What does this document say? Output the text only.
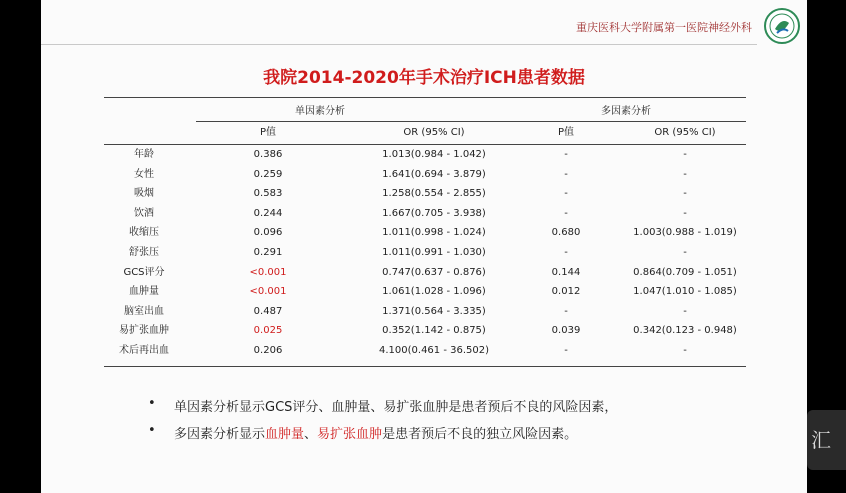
重庆医科大学附属第一医院神经外科
我院2014-2020年手术治疗ICH患者数据
单因素分析	多因素分析
P值	OR (95% CI)	P值	OR (95% CI)
年龄	0.386	1.013(0.984 - 1.042)	-	-
女性	0.259	1.641(0.694 - 3.879)	-	-
吸烟	0.583	1.258(0.554 - 2.855)	-	-
饮酒	0.244	1.667(0.705 - 3.938)	-	-
收缩压	0.096	1.011(0.998 - 1.024)	0.680	1.003(0.988 - 1.019)
舒张压	0.291	1.011(0.991 - 1.030)	-	-
GCS评分	<0.001	0.747(0.637 - 0.876)	0.144	0.864(0.709 - 1.051)
血肿量	<0.001	1.061(1.028 - 1.096)	0.012	1.047(1.010 - 1.085)
脑室出血	0.487	1.371(0.564 - 3.335)	-	-
易扩张血肿	0.025	0.352(1.142 - 0.875)	0.039	0.342(0.123 - 0.948)
术后再出血	0.206	4.100(0.461 - 36.502)	-	-
• 单因素分析显示GCS评分、血肿量、易扩张血肿是患者预后不良的风险因素，
• 多因素分析显示血肿量、易扩张血肿是患者预后不良的独立风险因素。	汇
